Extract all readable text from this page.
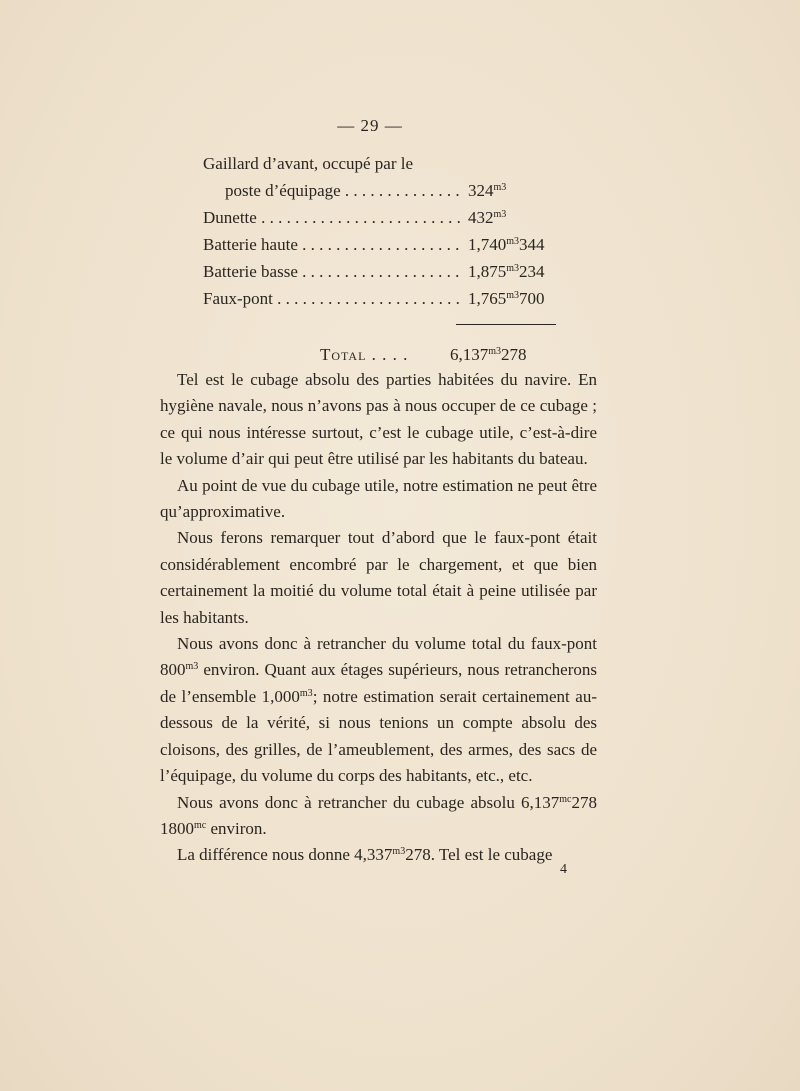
— 29 —
Gaillard d’avant, occupé par le
poste d’équipage . . .	$324^{m3}$
Dunette . . .	$432^{m3}$
Batterie haute . . .	$1,740^{m3}344$
Batterie basse . . .	$1,875^{m3}234$
Faux-pont . . .	$1,765^{m3}700$
Total . . . .	$6,137^{m3}278$

Tel est le cubage absolu des parties habitées du navire. En hygiène navale, nous n’avons pas à nous occuper de ce cubage ; ce qui nous intéresse surtout, c’est le cubage utile, c’est-à-dire le volume d’air qui peut être utilisé par les habitants du bateau.

Au point de vue du cubage utile, notre estimation ne peut être qu’approximative.

Nous ferons remarquer tout d’abord que le faux-pont était considérablement encombré par le chargement, et que bien certainement la moitié du volume total était à peine utilisée par les habitants.

Nous avons donc à retrancher du volume total du faux-pont $800^{m3}$ environ. Quant aux étages supérieurs, nous retrancherons de l’ensemble $1,000^{m3}$; notre estimation serait certainement au-dessous de la vérité, si nous tenions un compte absolu des cloisons, des grilles, de l’ameublement, des armes, des sacs de l’équipage, du volume du corps des habitants, etc., etc.

Nous avons donc à retrancher du cubage absolu $6,137^{mc}278$ $1800^{mc}$ environ.

La différence nous donne $4,337^{m3}278$. Tel est le cubage

4
